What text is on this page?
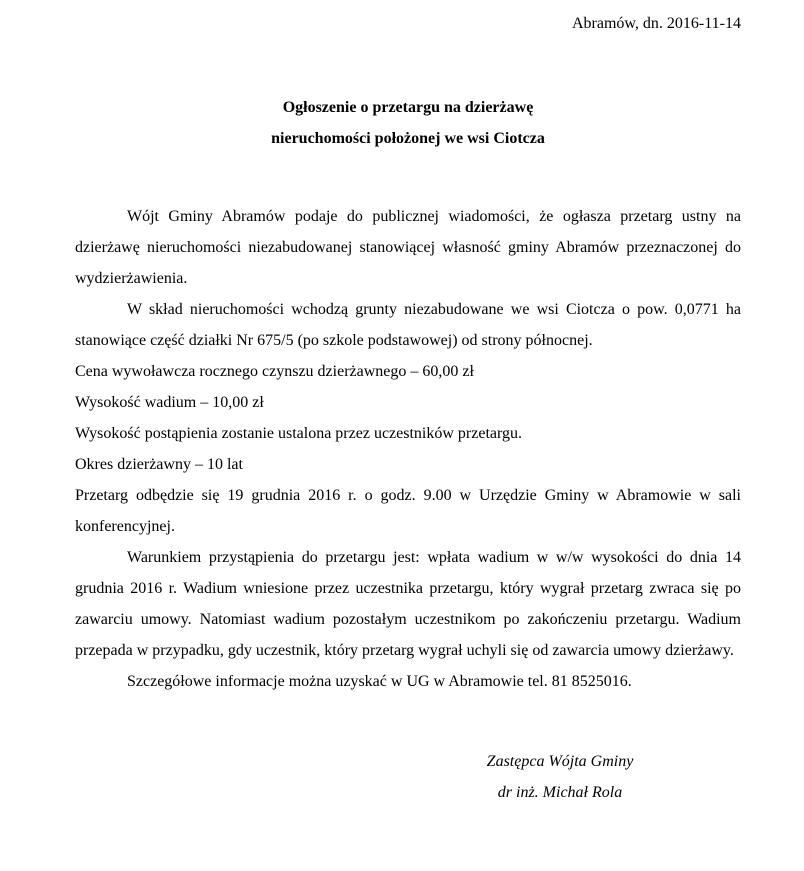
Abramów, dn. 2016-11-14
Ogłoszenie o przetargu na dzierżawę
nieruchomości położonej we wsi Ciotcza
Wójt Gminy Abramów podaje do publicznej wiadomości, że ogłasza przetarg ustny na dzierżawę nieruchomości niezabudowanej stanowiącej własność gminy Abramów przeznaczonej do wydzierżawienia.
W skład nieruchomości wchodzą grunty niezabudowane we wsi Ciotcza o pow. 0,0771 ha stanowiące część działki Nr 675/5 (po szkole podstawowej) od strony północnej.
Cena wywoławcza rocznego czynszu dzierżawnego – 60,00 zł
Wysokość wadium – 10,00 zł
Wysokość postąpienia zostanie ustalona przez uczestników przetargu.
Okres dzierżawny – 10 lat
Przetarg odbędzie się 19 grudnia 2016 r. o godz. 9.00 w Urzędzie Gminy w Abramowie w sali konferencyjnej.
Warunkiem przystąpienia do przetargu jest: wpłata wadium w w/w wysokości do dnia 14 grudnia 2016 r. Wadium wniesione przez uczestnika przetargu, który wygrał przetarg zwraca się po zawarciu umowy. Natomiast wadium pozostałym uczestnikom po zakończeniu przetargu. Wadium przepada w przypadku, gdy uczestnik, który przetarg wygrał uchyli się od zawarcia umowy dzierżawy.
Szczegółowe informacje można uzyskać w UG w Abramowie tel. 81 8525016.
Zastępca Wójta Gminy
dr inż. Michał Rola
